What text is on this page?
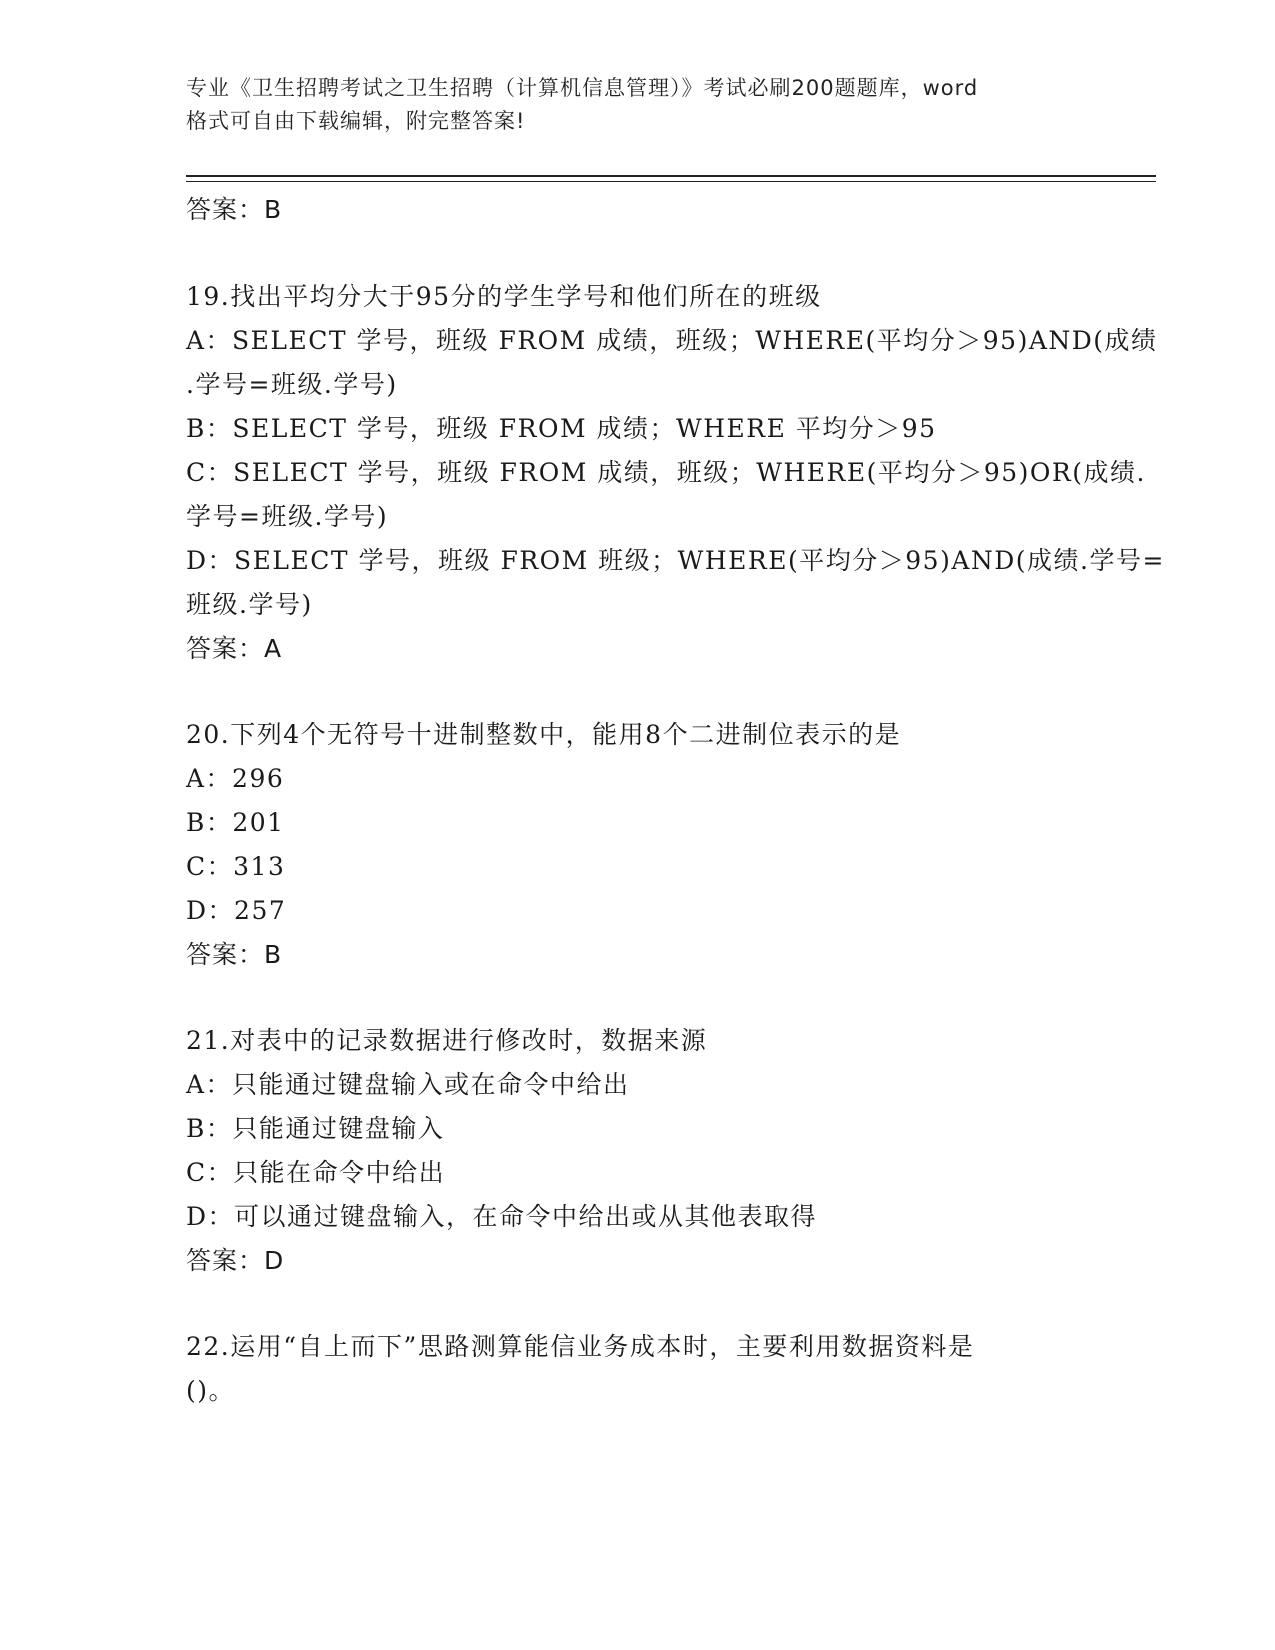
专业《卫生招聘考试之卫生招聘（计算机信息管理）》考试必刷200题题库，word
格式可自由下载编辑，附完整答案!
答案：B
19.找出平均分大于95分的学生学号和他们所在的班级
A：SELECT 学号，班级 FROM 成绩，班级；WHERE(平均分＞95)AND(成绩
.学号=班级.学号)
B：SELECT 学号，班级 FROM 成绩；WHERE 平均分＞95
C：SELECT 学号，班级 FROM 成绩，班级；WHERE(平均分＞95)OR(成绩.
学号=班级.学号)
D：SELECT 学号，班级 FROM 班级；WHERE(平均分＞95)AND(成绩.学号=
班级.学号)
答案：A
20.下列4个无符号十进制整数中，能用8个二进制位表示的是
A：296
B：201
C：313
D：257
答案：B
21.对表中的记录数据进行修改时，数据来源
A：只能通过键盘输入或在命令中给出
B：只能通过键盘输入
C：只能在命令中给出
D：可以通过键盘输入，在命令中给出或从其他表取得
答案：D
22.运用“自上而下”思路测算能信业务成本时，主要利用数据资料是
()。
